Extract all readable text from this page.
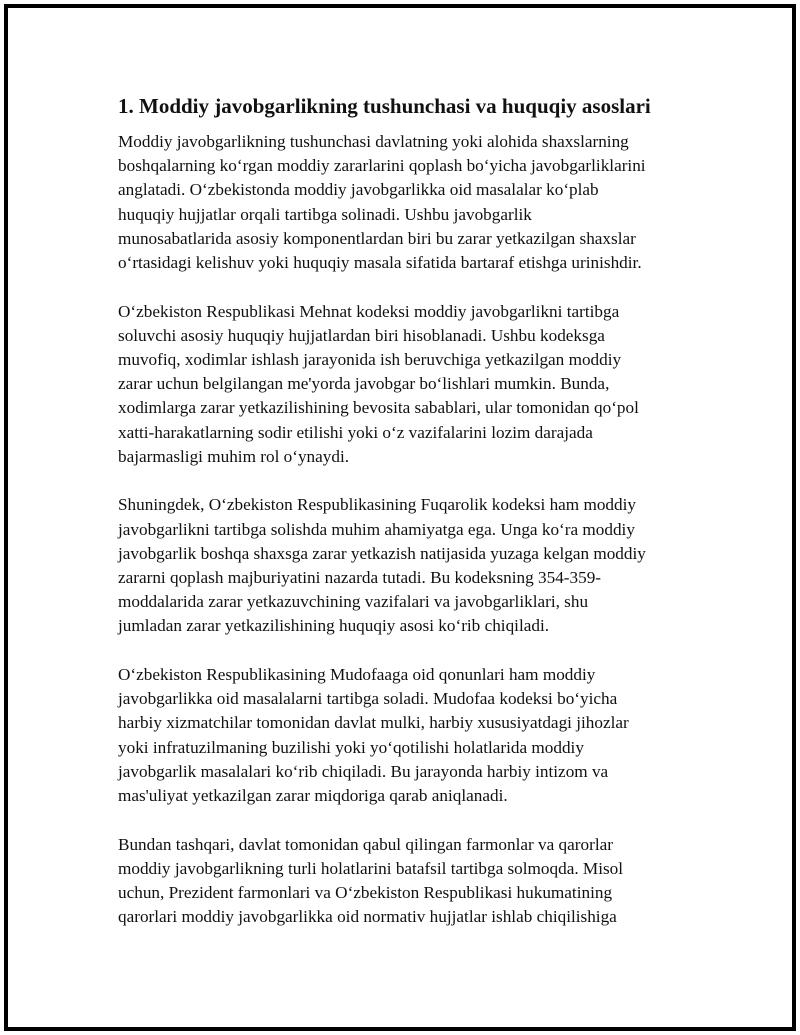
1. Moddiy javobgarlikning tushunchasi va huquqiy asoslari

Moddiy javobgarlikning tushunchasi davlatning yoki alohida shaxslarning
boshqalarning koʻrgan moddiy zararlarini qoplash boʻyicha javobgarliklarini
anglatadi. Oʻzbekistonda moddiy javobgarlikka oid masalalar koʻplab
huquqiy hujjatlar orqali tartibga solinadi. Ushbu javobgarlik
munosabatlarida asosiy komponentlardan biri bu zarar yetkazilgan shaxslar
oʻrtasidagi kelishuv yoki huquqiy masala sifatida bartaraf etishga urinishdir.

Oʻzbekiston Respublikasi Mehnat kodeksi moddiy javobgarlikni tartibga
soluvchi asosiy huquqiy hujjatlardan biri hisoblanadi. Ushbu kodeksga
muvofiq, xodimlar ishlash jarayonida ish beruvchiga yetkazilgan moddiy
zarar uchun belgilangan me'yorda javobgar boʻlishlari mumkin. Bunda,
xodimlarga zarar yetkazilishining bevosita sabablari, ular tomonidan qoʻpol
xatti-harakatlarning sodir etilishi yoki oʻz vazifalarini lozim darajada
bajarmasligi muhim rol oʻynaydi.

Shuningdek, Oʻzbekiston Respublikasining Fuqarolik kodeksi ham moddiy
javobgarlikni tartibga solishda muhim ahamiyatga ega. Unga koʻra moddiy
javobgarlik boshqa shaxsga zarar yetkazish natijasida yuzaga kelgan moddiy
zararni qoplash majburiyatini nazarda tutadi. Bu kodeksning 354-359-
moddalarida zarar yetkazuvchining vazifalari va javobgarliklari, shu
jumladan zarar yetkazilishining huquqiy asosi koʻrib chiqiladi.

Oʻzbekiston Respublikasining Mudofaaga oid qonunlari ham moddiy
javobgarlikka oid masalalarni tartibga soladi. Mudofaa kodeksi boʻyicha
harbiy xizmatchilar tomonidan davlat mulki, harbiy xususiyatdagi jihozlar
yoki infratuzilmaning buzilishi yoki yoʻqotilishi holatlarida moddiy
javobgarlik masalalari koʻrib chiqiladi. Bu jarayonda harbiy intizom va
mas'uliyat yetkazilgan zarar miqdoriga qarab aniqlanadi.

Bundan tashqari, davlat tomonidan qabul qilingan farmonlar va qarorlar
moddiy javobgarlikning turli holatlarini batafsil tartibga solmoqda. Misol
uchun, Prezident farmonlari va Oʻzbekiston Respublikasi hukumatining
qarorlari moddiy javobgarlikka oid normativ hujjatlar ishlab chiqilishiga
